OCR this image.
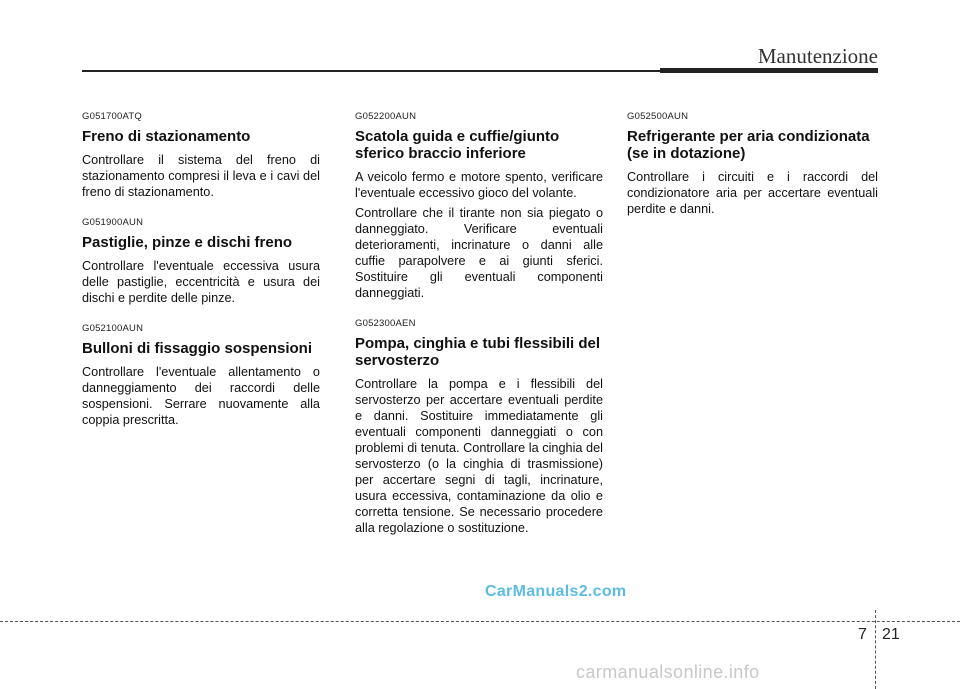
Manutenzione
G051700ATQ
Freno di stazionamento

Controllare il sistema del freno di stazionamento compresi il leva e i cavi del freno di stazionamento.

G051900AUN
Pastiglie, pinze e dischi freno

Controllare l'eventuale eccessiva usura delle pastiglie, eccentricità e usura dei dischi e perdite delle pinze.

G052100AUN
Bulloni di fissaggio sospensioni

Controllare l'eventuale allentamento o danneggiamento dei raccordi delle sospensioni. Serrare nuovamente alla coppia prescritta.

G052200AUN
Scatola guida e cuffie/giunto sferico braccio inferiore

A veicolo fermo e motore spento, verificare l'eventuale eccessivo gioco del volante.

Controllare che il tirante non sia piegato o danneggiato. Verificare eventuali deterioramenti, incrinature o danni alle cuffie parapolvere e ai giunti sferici. Sostituire gli eventuali componenti danneggiati.

G052300AEN
Pompa, cinghia e tubi flessibili del servosterzo

Controllare la pompa e i flessibili del servosterzo per accertare eventuali perdite e danni. Sostituire immediatamente gli eventuali componenti danneggiati o con problemi di tenuta. Controllare la cinghia del servosterzo (o la cinghia di trasmissione) per accertare segni di tagli, incrinature, usura eccessiva, contaminazione da olio e corretta tensione. Se necessario procedere alla regolazione o sostituzione.

G052500AUN
Refrigerante per aria condizionata (se in dotazione)

Controllare i circuiti e i raccordi del condizionatore aria per accertare eventuali perdite e danni.

CarManuals2.com
7 21
carmanualsonline.info
